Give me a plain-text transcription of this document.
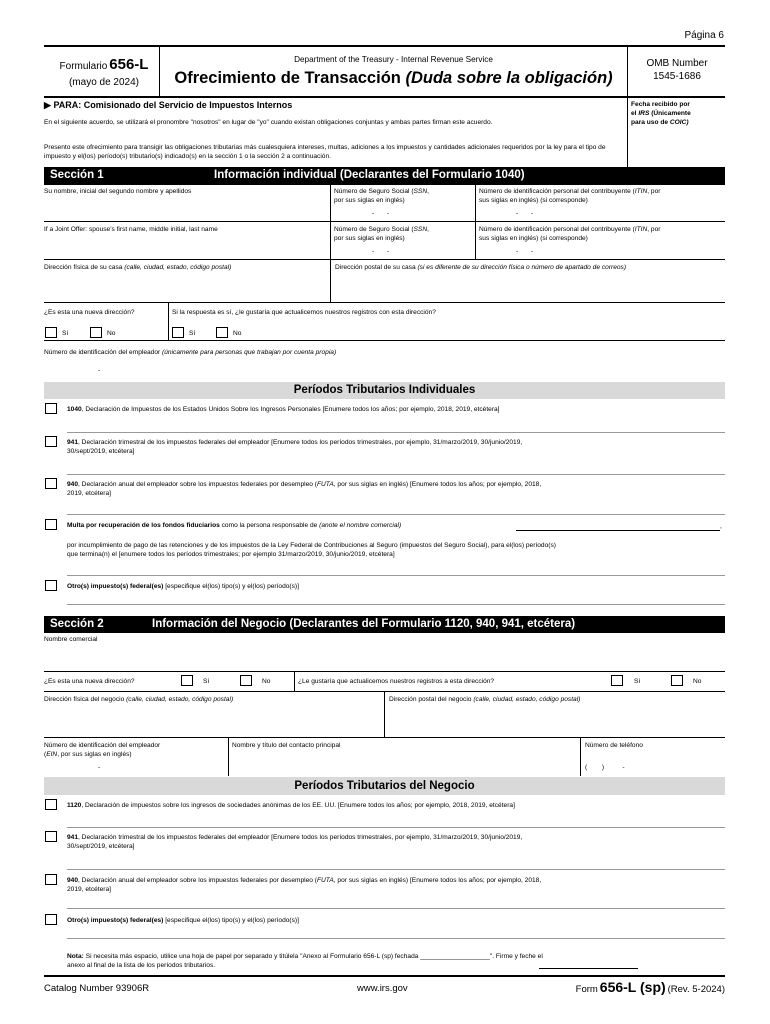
Página 6
Formulario 656-L
(mayo de 2024)
Department of the Treasury - Internal Revenue Service
Ofrecimiento de Transacción (Duda sobre la obligación)
OMB Number
1545-1686
▶ PARA: Comisionado del Servicio de Impuestos Internos
En el siguiente acuerdo, se utilizará el pronombre "nosotros" en lugar de "yo" cuando existan obligaciones conjuntas y ambas partes firman este acuerdo.
Presento este ofrecimiento para transigir las obligaciones tributarias más cualesquiera intereses, multas, adiciones a los impuestos y cantidades adicionales requeridos por la ley para el tipo de impuesto y el(los) período(s) tributario(s) indicado(s) en la sección 1 o la sección 2 a continuación.
Fecha recibido por
el IRS (Únicamente
para uso de COIC)
Sección 1	Información individual (Declarantes del Formulario 1040)
Su nombre, inicial del segundo nombre y apellidos	Número de Seguro Social (SSN,
por sus siglas en inglés)
-       -
Número de identificación personal del contribuyente (ITIN, por
sus siglas en inglés) (si corresponde)
-       -
If a Joint Offer: spouse's first name, middle initial, last name	Número de Seguro Social (SSN,
por sus siglas en inglés)
-       -
Número de identificación personal del contribuyente (ITIN, por
sus siglas en inglés) (si corresponde)
-       -
Dirección física de su casa (calle, ciudad, estado, código postal)	Dirección postal de su casa (si es diferente de su dirección física o número de apartado de correos)
¿Es esta una nueva dirección?	Si la respuesta es sí, ¿le gustaría que actualicemos nuestros registros con esta dirección?
Sí	No	Sí	No
Número de identificación del empleador (únicamente para personas que trabajan por cuenta propia)
-
Períodos Tributarios Individuales
1040, Declaración de Impuestos de los Estados Unidos Sobre los Ingresos Personales [Enumere todos los años; por ejemplo, 2018, 2019, etcétera]
941, Declaración trimestral de los impuestos federales del empleador [Enumere todos los períodos trimestrales, por ejemplo, 31/marzo/2019, 30/junio/2019,
30/sept/2019, etcétera]
940, Declaración anual del empleador sobre los impuestos federales por desempleo (FUTA, por sus siglas en inglés) [Enumere todos los años; por ejemplo, 2018,
2019, etcétera]
Multa por recuperación de los fondos fiduciarios como la persona responsable de (anote el nombre comercial)	,
por incumplimiento de pago de las retenciones y de los impuestos de la Ley Federal de Contribuciones al Seguro (impuestos del Seguro Social), para el(los) período(s)
que termina(n) el [enumere todos los períodos trimestrales; por ejemplo 31/marzo/2019, 30/junio/2019, etcétera]
Otro(s) impuesto(s) federal(es) [especifique el(los) tipo(s) y el(los) período(s)]
Sección 2	Información del Negocio (Declarantes del Formulario 1120, 940, 941, etcétera)
Nombre comercial
¿Es esta una nueva dirección?	Sí	No	¿Le gustaría que actualicemos nuestros registros a esta dirección?	Sí	No
Dirección física del negocio (calle, ciudad, estado, código postal)	Dirección postal del negocio (calle, ciudad, estado, código postal)
Número de identificación del empleador
(EIN, por sus siglas en inglés)
-
Nombre y título del contacto principal	Número de teléfono
(        )          -
Períodos Tributarios del Negocio
1120, Declaración de impuestos sobre los ingresos de sociedades anónimas de los EE. UU. [Enumere todos los años; por ejemplo, 2018, 2019, etcétera]
941, Declaración trimestral de los impuestos federales del empleador [Enumere todos los períodos trimestrales, por ejemplo, 31/marzo/2019, 30/junio/2019,
30/sept/2019, etcétera]
940, Declaración anual del empleador sobre los impuestos federales por desempleo (FUTA, por sus siglas en inglés) [Enumere todos los años; por ejemplo, 2018,
2019, etcétera]
Otro(s) impuesto(s) federal(es) [especifique el(los) tipo(s) y el(los) período(s)]
Nota: Si necesita más espacio, utilice una hoja de papel por separado y titúlela "Anexo al Formulario 656-L (sp) fechada ___________________". Firme y feche el
anexo al final de la lista de los períodos tributarios.
Catalog Number 93906R	www.irs.gov	Form 656-L (sp) (Rev. 5-2024)
